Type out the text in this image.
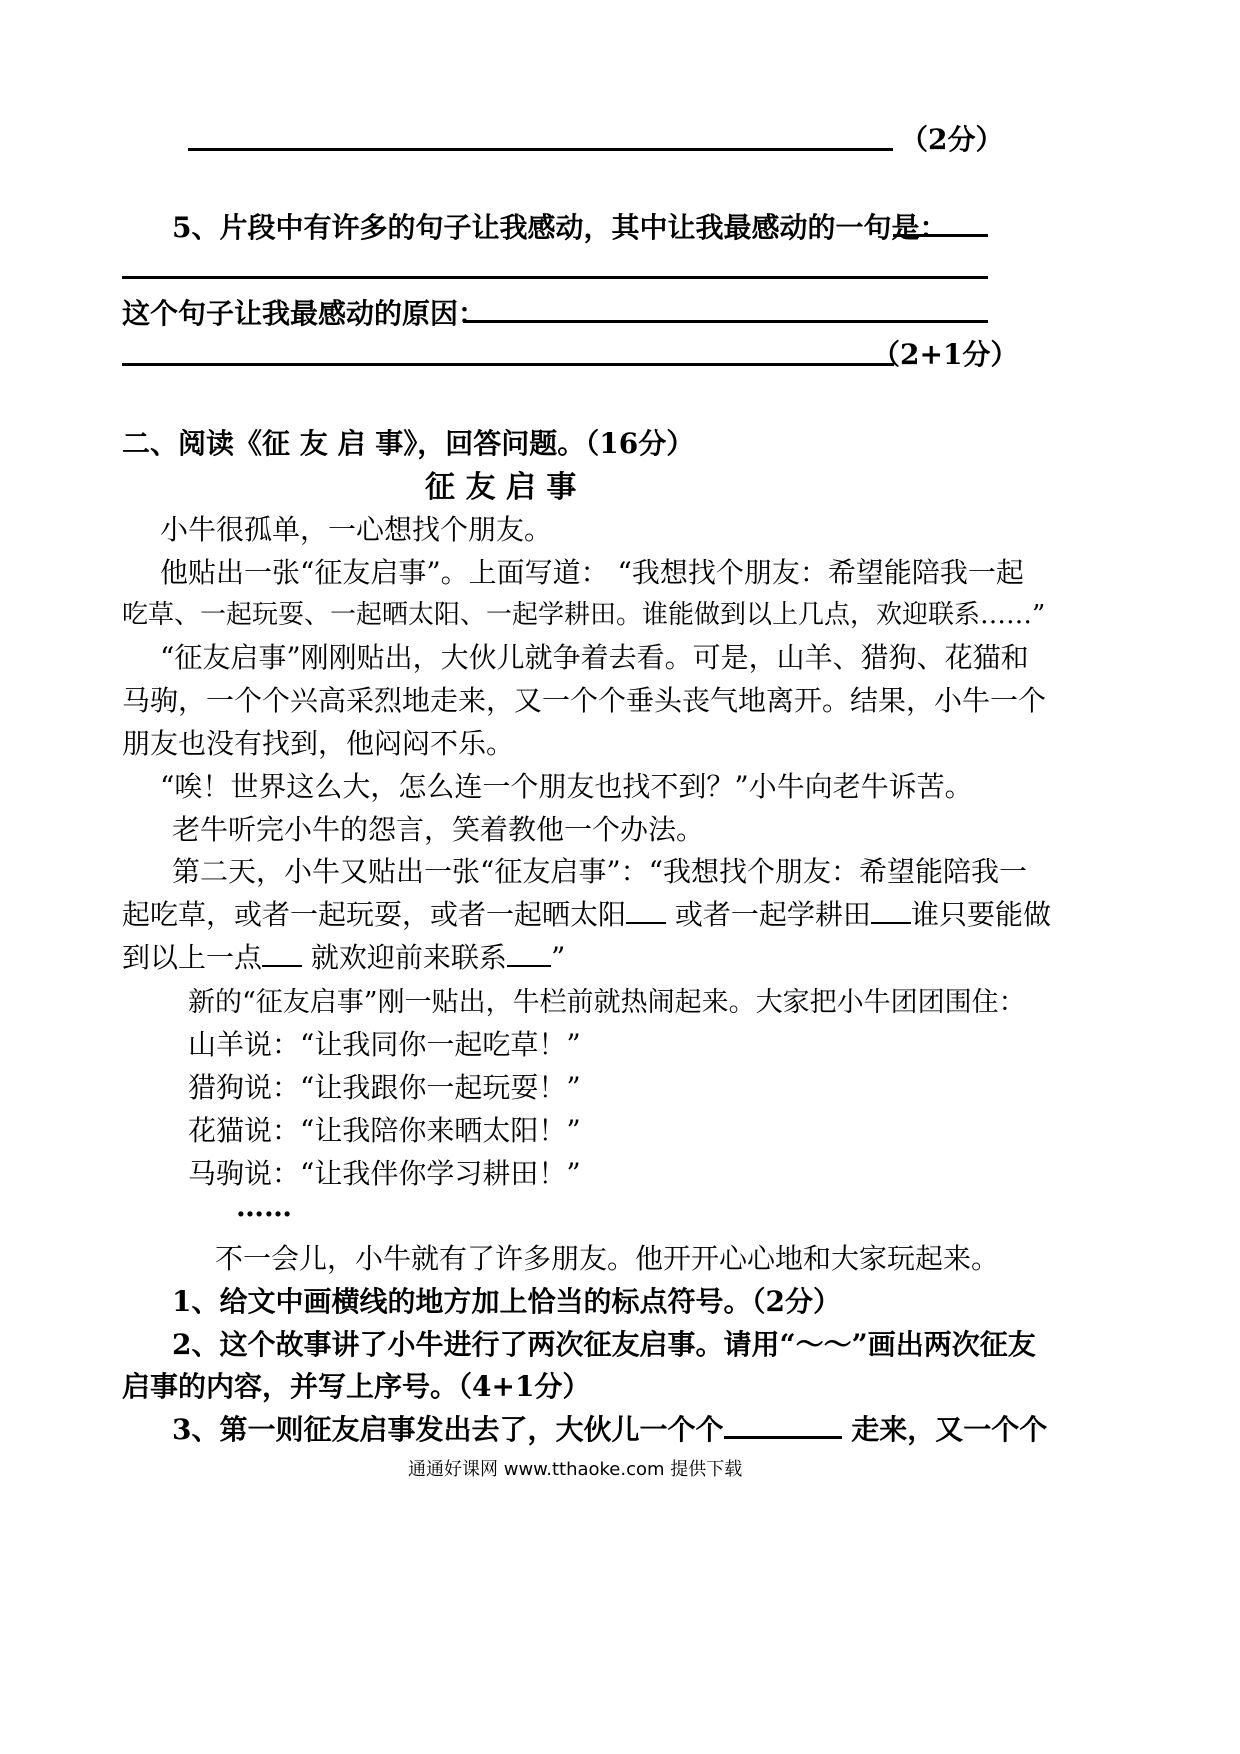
（2分）
5、片段中有许多的句子让我感动，其中让我最感动的一句是：
这个句子让我最感动的原因：
（2+1分）
二、阅读《征 友 启 事》，回答问题。（16分）
征 友 启 事
小牛很孤单，一心想找个朋友。
他贴出一张“征友启事”。上面写道： “我想找个朋友：希望能陪我一起
吃草、一起玩耍、一起晒太阳、一起学耕田。谁能做到以上几点，欢迎联系……”
“征友启事”刚刚贴出，大伙儿就争着去看。可是，山羊、猎狗、花猫和
马驹，一个个兴高采烈地走来，又一个个垂头丧气地离开。结果，小牛一个
朋友也没有找到，他闷闷不乐。
“唉！世界这么大，怎么连一个朋友也找不到？”小牛向老牛诉苦。
老牛听完小牛的怨言，笑着教他一个办法。
第二天，小牛又贴出一张“征友启事”：“我想找个朋友：希望能陪我一
起吃草，或者一起玩耍，或者一起晒太阳 或者一起学耕田 谁只要能做
到以上一点 就欢迎前来联系 ”
新的“征友启事”刚一贴出，牛栏前就热闹起来。大家把小牛团团围住：
山羊说：“让我同你一起吃草！”
猎狗说：“让我跟你一起玩耍！”
花猫说：“让我陪你来晒太阳！”
马驹说：“让我伴你学习耕田！”
……
不一会儿，小牛就有了许多朋友。他开开心心地和大家玩起来。
1、给文中画横线的地方加上恰当的标点符号。（2分）
2、这个故事讲了小牛进行了两次征友启事。请用“～～”画出两次征友
启事的内容，并写上序号。（4+1分）
3、第一则征友启事发出去了，大伙儿一个个	走来，又一个个
通通好课网 www.tthaoke.com 提供下载
